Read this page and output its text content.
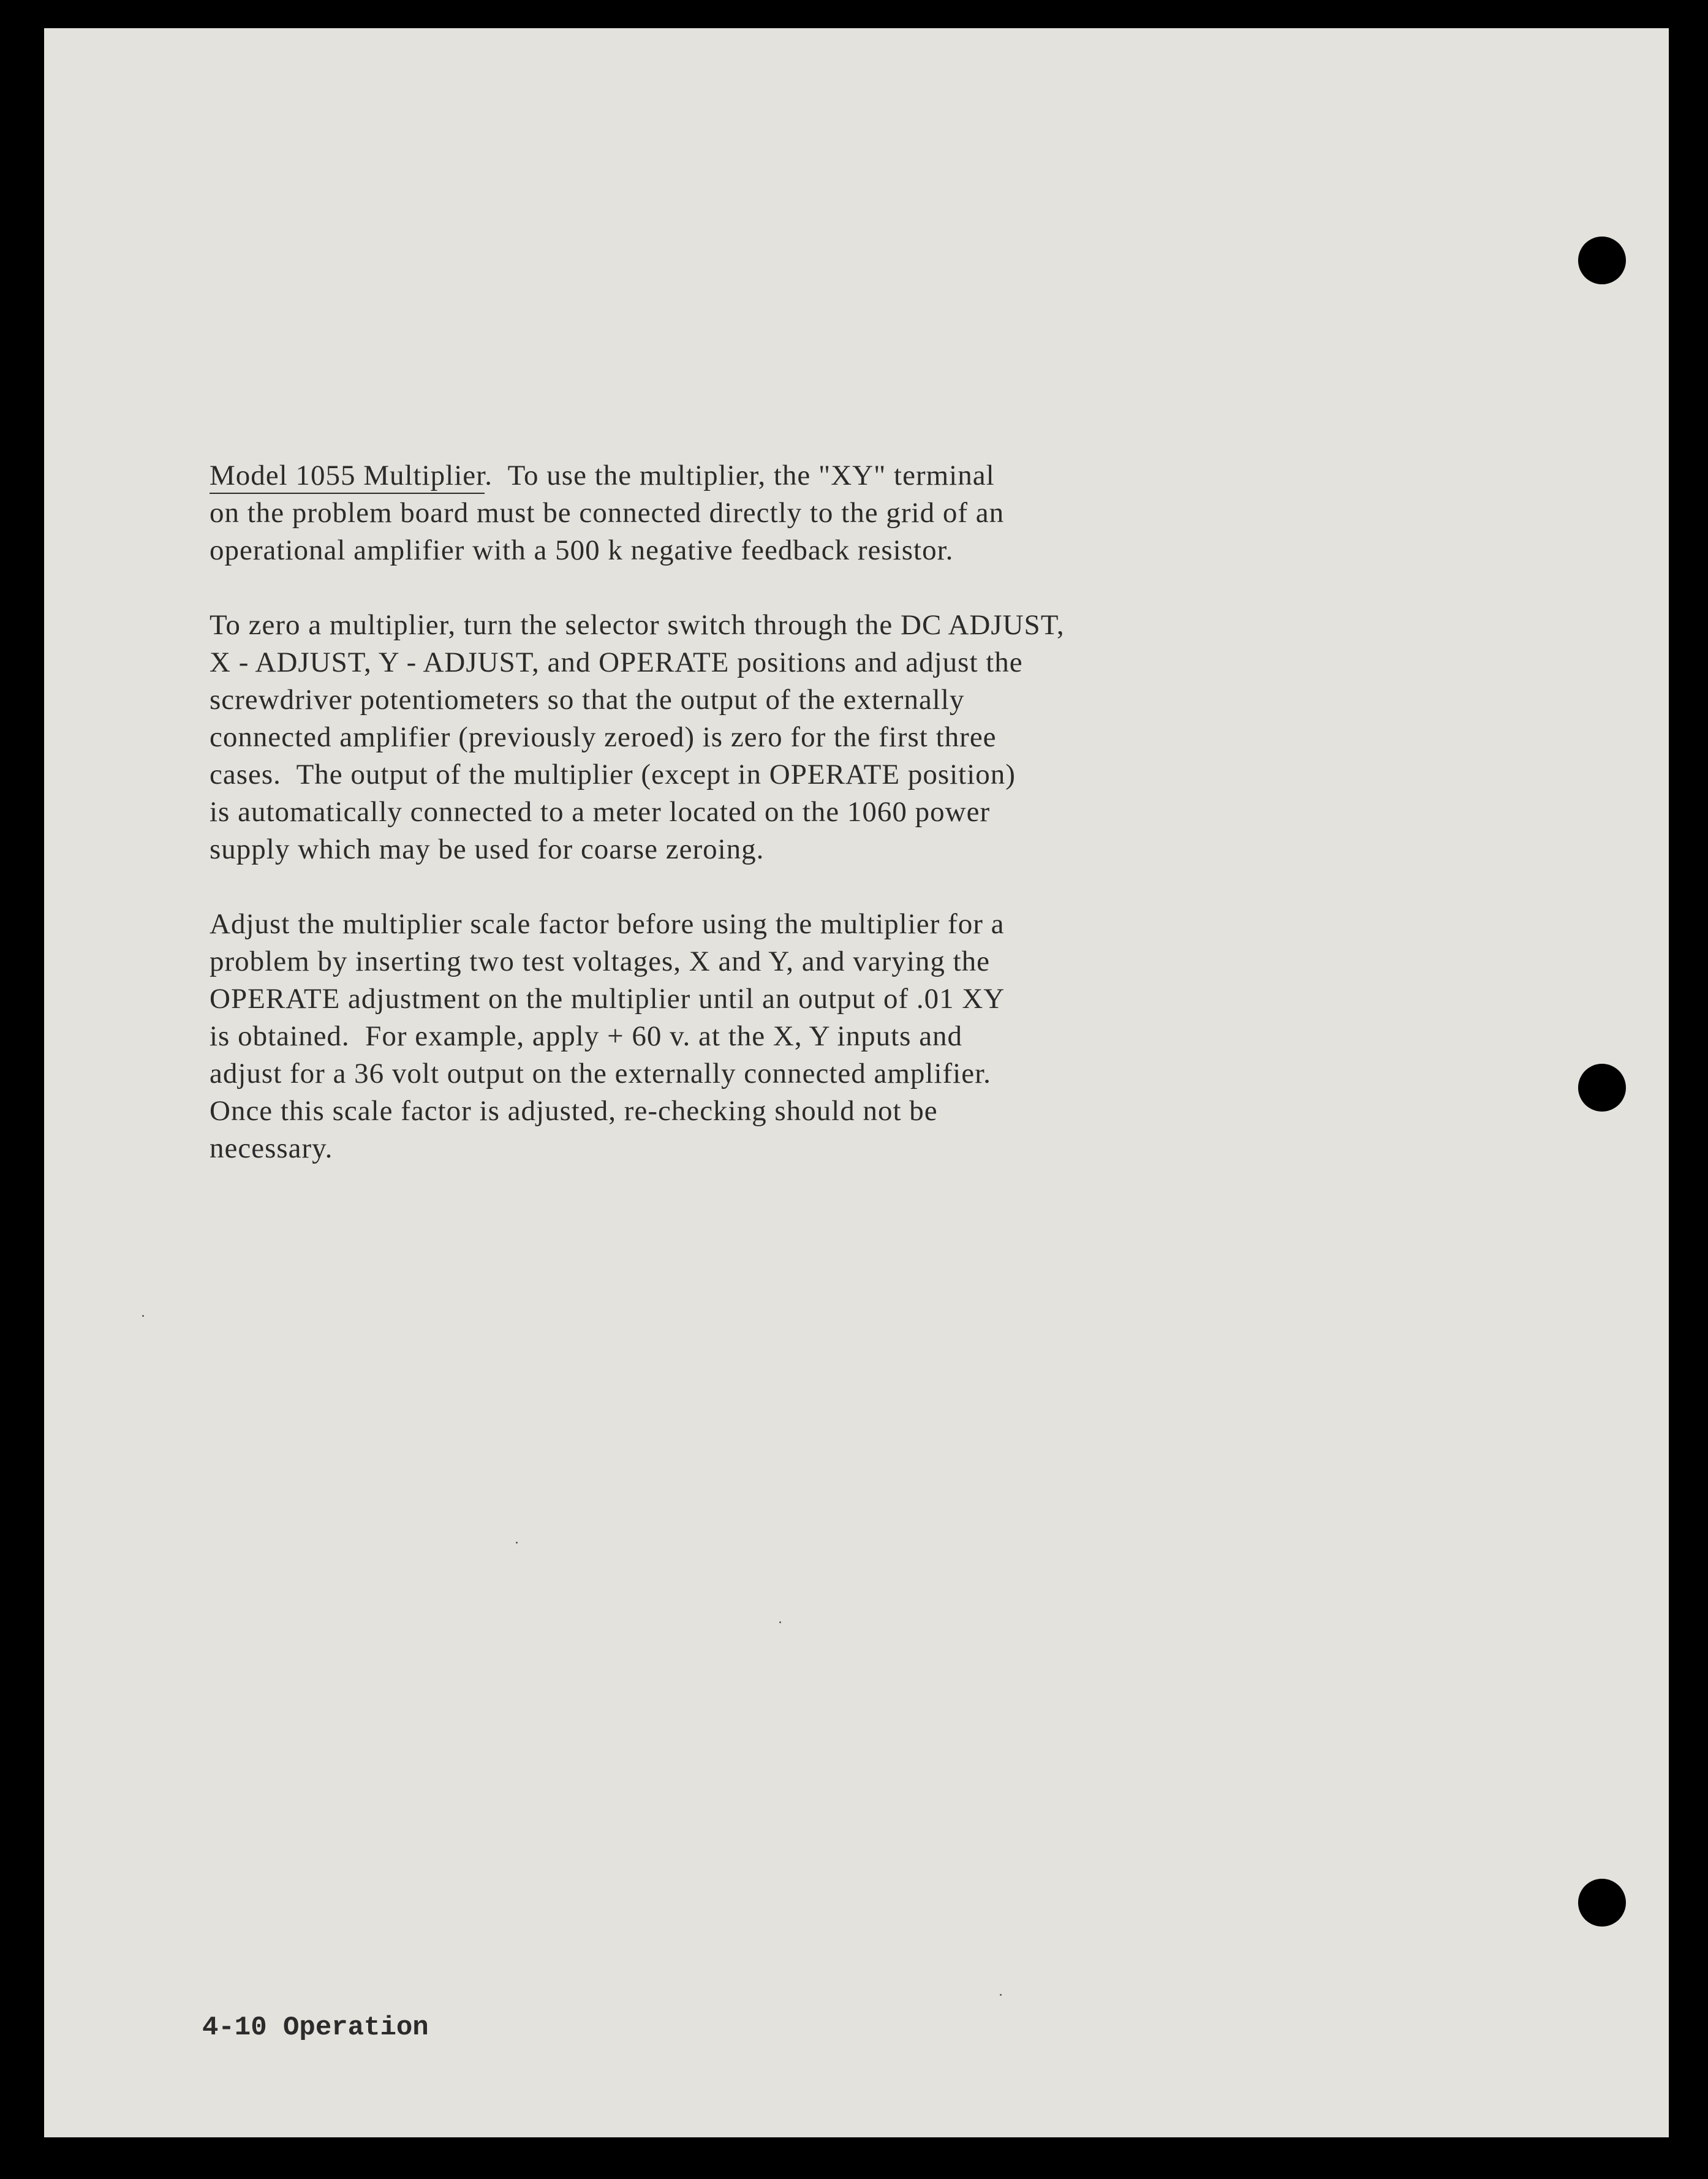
Model 1055 Multiplier.  To use the multiplier, the "XY" terminal
on the problem board must be connected directly to the grid of an
operational amplifier with a 500 k negative feedback resistor.
To zero a multiplier, turn the selector switch through the DC ADJUST,
X - ADJUST, Y - ADJUST, and OPERATE positions and adjust the
screwdriver potentiometers so that the output of the externally
connected amplifier (previously zeroed) is zero for the first three
cases.  The output of the multiplier (except in OPERATE position)
is automatically connected to a meter located on the 1060 power
supply which may be used for coarse zeroing.
Adjust the multiplier scale factor before using the multiplier for a
problem by inserting two test voltages, X and Y, and varying the
OPERATE adjustment on the multiplier until an output of .01 XY
is obtained.  For example, apply + 60 v. at the X, Y inputs and
adjust for a 36 volt output on the externally connected amplifier.
Once this scale factor is adjusted, re-checking should not be
necessary.
4-10 Operation
